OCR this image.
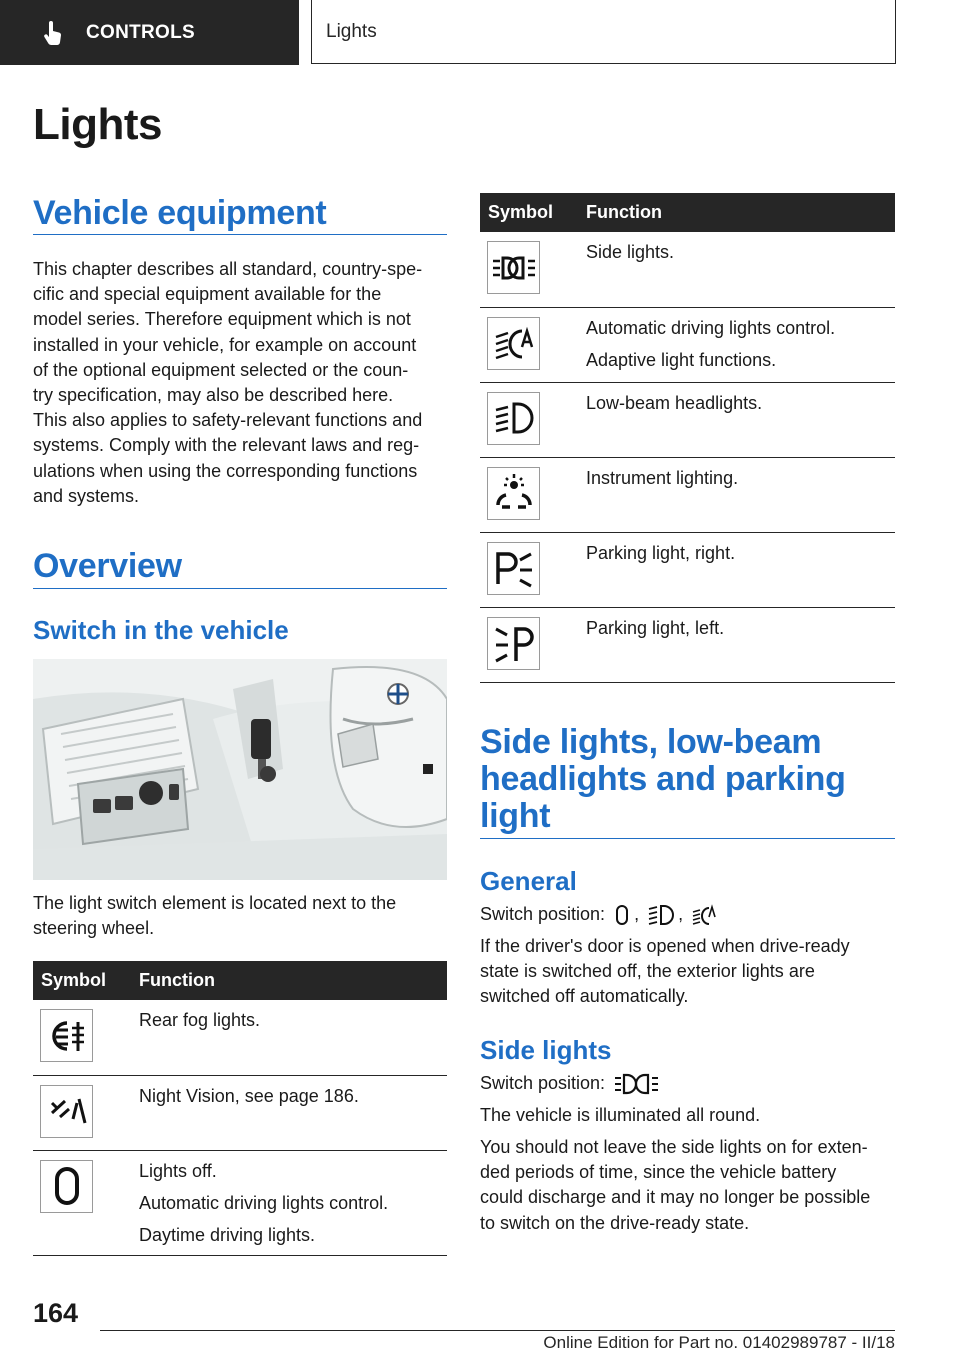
CONTROLS	Lights
Lights
Vehicle equipment
This chapter describes all standard, country-spe‐
cific and special equipment available for the
model series. Therefore equipment which is not
installed in your vehicle, for example on account
of the optional equipment selected or the coun‐
try specification, may also be described here.
This also applies to safety-relevant functions and
systems. Comply with the relevant laws and reg‐
ulations when using the corresponding functions
and systems.
Overview
Switch in the vehicle
The light switch element is located next to the
steering wheel.
Symbol	Function

Rear fog lights.

Night Vision, see page 186.

Lights off.
Automatic driving lights control.
Daytime driving lights.
Symbol	Function

Side lights.

Automatic driving lights control.
Adaptive light functions.

Low-beam headlights.

Instrument lighting.

Parking light, right.

Parking light, left.
Side lights, low-beam
headlights and parking
light
General
Switch position: , ,
If the driver's door is opened when drive-ready
state is switched off, the exterior lights are
switched off automatically.
Side lights
Switch position:
The vehicle is illuminated all round.
You should not leave the side lights on for exten‐
ded periods of time, since the vehicle battery
could discharge and it may no longer be possible
to switch on the drive-ready state.
164
Online Edition for Part no. 01402989787 - II/18
